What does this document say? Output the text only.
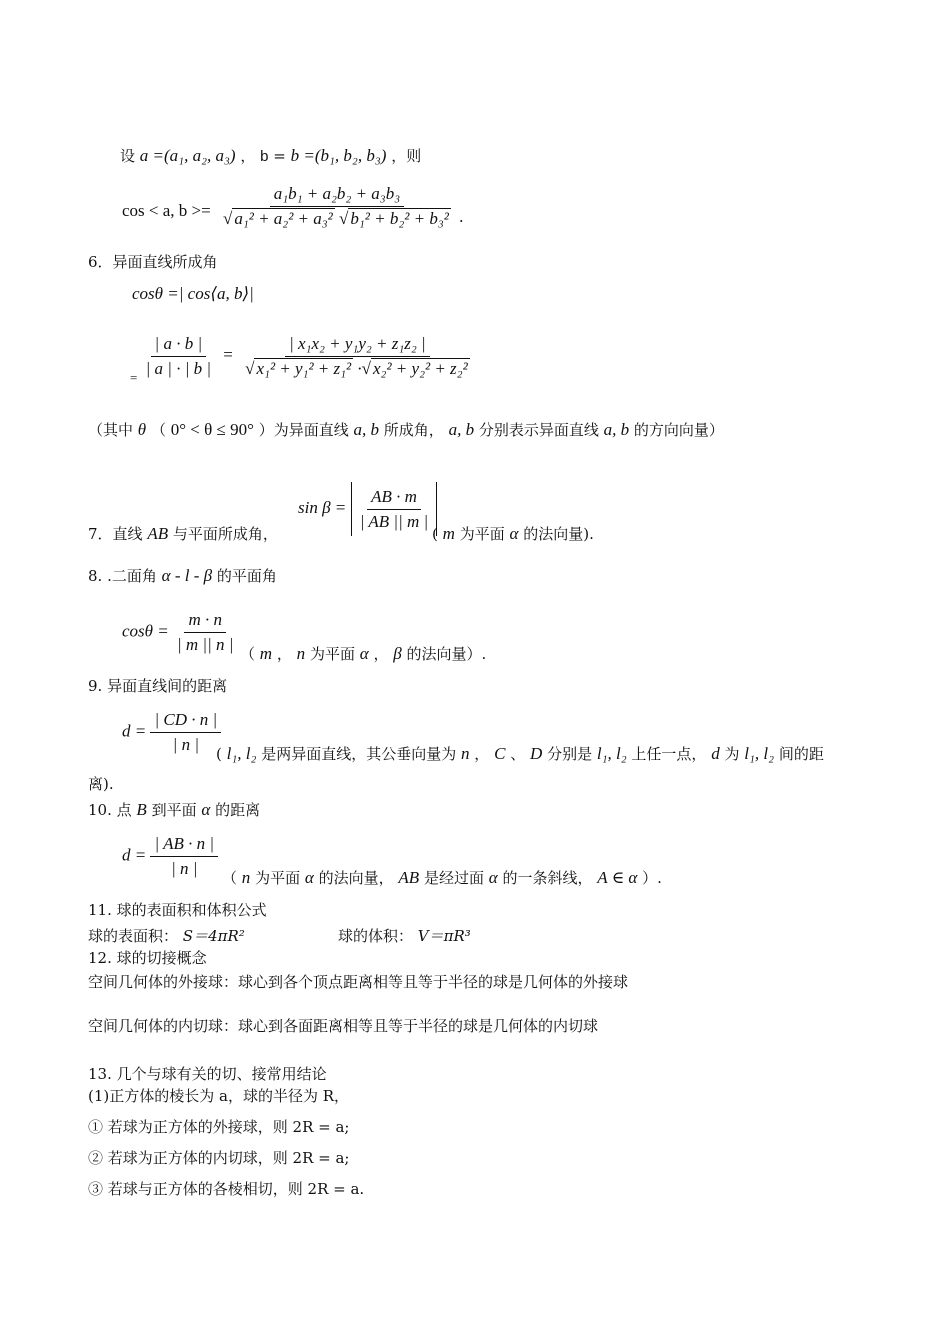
设 a =(a₁, a₂, a₃) ， b = b =(b₁, b₂, b₃) ，则
cos < a, $b >= \frac{\text{a₁b₁ + a₂b₂ + a₃b₃}}{\text{√ a₁² + a₂² + a₃² √ b₁² + b₂² + b₃²}}$ .
6．异面直线所成角
cosθ =| cos⟨a, b⟩|
$_= \frac{| a \cdot b |}{| a | \cdot | b |} = \frac{\text{| x₁x₂ + y₁y₂ + z₁z₂ |}}{\text{√ x₁² + y₁² + z₁² ·√ x₂² + y₂² + z₂²}}$
（其中 θ （ 0° < θ ≤ 90° ）为异面直线 a, b 所成角， a, b 分别表示异面直线 a, b 的方向向量）
$\sin \beta = \frac{AB \cdot m}{| AB || m |}$

7．直线 AB 与平面所成角，	( m 为平面 α 的法向量).
8. .二面角 α - l - β 的平面角
$\cos\theta = \frac{m \cdot n}{| m || n |}$ （ m ， n 为平面 α ， β 的法向量）.
9. 异面直线间的距离
$d = \frac{| CD \cdot n |}{| n |}$
( l₁, l₂ 是两异面直线，其公垂向量为 n ， C 、 D 分别是 l₁, l₂ 上任一点， d 为 l₁, l₂ 间的距
离).
10. 点 B 到平面 α 的距离
$d = \frac{| AB \cdot n |}{| n |}$ （ n 为平面 α 的法向量， AB 是经过面 α 的一条斜线， A ∈ α ）.
11. 球的表面积和体积公式
球的表面积： S＝4πR²	球的体积： V＝πR³
12. 球的切接概念
空间几何体的外接球：球心到各个顶点距离相等且等于半径的球是几何体的外接球
空间几何体的内切球：球心到各面距离相等且等于半径的球是几何体的内切球
13. 几个与球有关的切、接常用结论
(1)正方体的棱长为 a，球的半径为 R，
① 若球为正方体的外接球，则 2R = a;
② 若球为正方体的内切球，则 2R = a;
③ 若球与正方体的各棱相切，则 2R = a.
